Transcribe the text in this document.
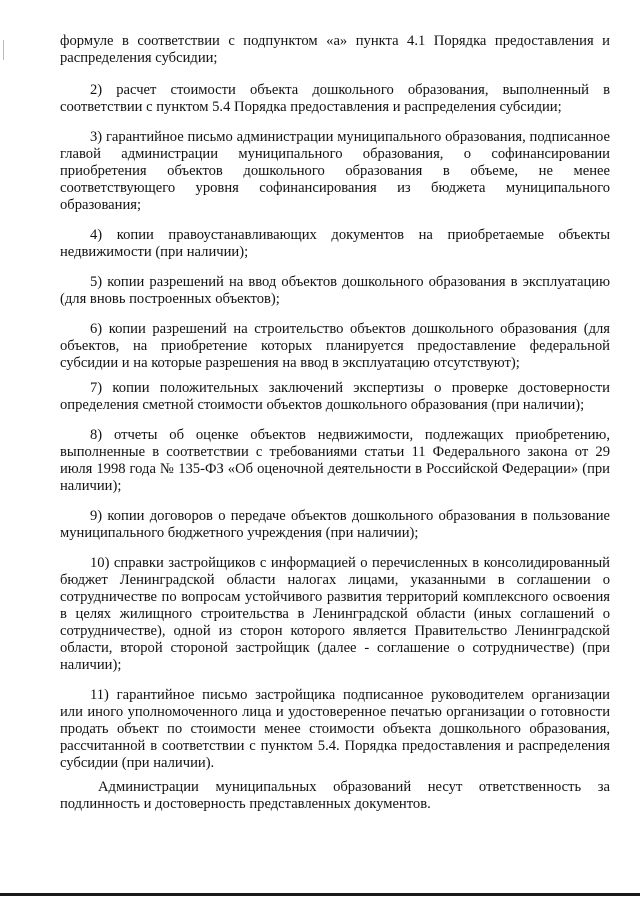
формуле в соответствии с подпунктом «а» пункта 4.1 Порядка предоставления и распределения субсидии;

2) расчет стоимости объекта дошкольного образования, выполненный в соответствии с пунктом 5.4 Порядка предоставления и распределения субсидии;

3) гарантийное письмо администрации муниципального образования, подписанное главой администрации муниципального образования, о софинансировании приобретения объектов дошкольного образования в объеме, не менее соответствующего уровня софинансирования из бюджета муниципального образования;

4) копии правоустанавливающих документов на приобретаемые объекты недвижимости (при наличии);

5) копии разрешений на ввод объектов дошкольного образования в эксплуатацию (для вновь построенных объектов);

6) копии разрешений на строительство объектов дошкольного образования (для объектов, на приобретение которых планируется предоставление федеральной субсидии и на которые разрешения на ввод в эксплуатацию отсутствуют);

7) копии положительных заключений экспертизы о проверке достоверности определения сметной стоимости объектов дошкольного образования (при наличии);

8) отчеты об оценке объектов недвижимости, подлежащих приобретению, выполненные в соответствии с требованиями статьи 11 Федерального закона от 29 июля 1998 года № 135-ФЗ «Об оценочной деятельности в Российской Федерации» (при наличии);

9) копии договоров о передаче объектов дошкольного образования в пользование муниципального бюджетного учреждения (при наличии);

10) справки застройщиков с информацией о перечисленных в консолидированный бюджет Ленинградской области налогах лицами, указанными в соглашении о сотрудничестве по вопросам устойчивого развития территорий комплексного освоения в целях жилищного строительства в Ленинградской области (иных соглашений о сотрудничестве), одной из сторон которого является Правительство Ленинградской области, второй стороной застройщик (далее - соглашение о сотрудничестве) (при наличии);

11) гарантийное письмо застройщика подписанное руководителем организации или иного уполномоченного лица и удостоверенное печатью организации о готовности продать объект по стоимости менее стоимости объекта дошкольного образования, рассчитанной в соответствии с пунктом 5.4. Порядка предоставления и распределения субсидии (при наличии).

Администрации муниципальных образований несут ответственность за подлинность и достоверность представленных документов.
